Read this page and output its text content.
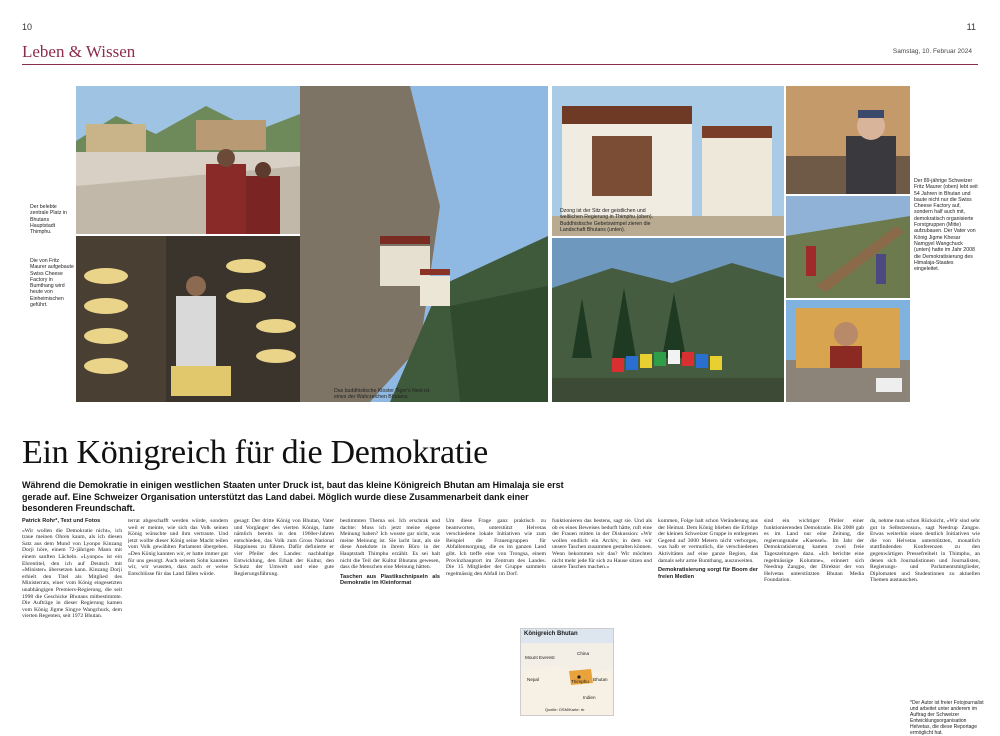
10	11
Leben & Wissen	Samstag, 10. Februar 2024
Der belebte zentrale Platz in Bhutans Hauptstadt Thimphu.
Die von Fritz Maurer aufgebaute Swiss Cheese Factory in Bumthang wird heute von Einheimischen geführt.
Das buddhistische Kloster Tiger's Nest ist eines der Wahrzeichen Bhutans.
Dzong ist der Sitz der geistlichen und weltlichen Regierung in Thimphu (oben). Buddhistische Gebetswimpel zieren die Landschaft Bhutans (unten).
Der 89-jährige Schweizer Fritz Maurer (oben) lebt seit 54 Jahren in Bhutan und baute nicht nur die Swiss Cheese Factory auf, sondern half auch mit, demokratisch organisierte Forstgruppen (Mitte) aufzubauen. Der Vater von König Jigme Khesar Namgyel Wangchuck (unten) hatte im Jahr 2008 die Demokratisierung des Himalaja-Staates eingeleitet.
Ein Königreich für die Demokratie
Während die Demokratie in einigen westlichen Staaten unter Druck ist, baut das kleine Königreich Bhutan am Himalaja sie erst gerade auf. Eine Schweizer Organisation unterstützt das Land dabei. Möglich wurde diese Zusammenarbeit dank einer besonderen Freundschaft.
Patrick Rohr*, Text und Fotos
«Wir wollen die Demokratie nicht», ich traue meinen Ohren kaum, als ich diesen Satz aus dem Mund von Lyonpo Kinzang Dorji höre, einem 72-jährigen Mann mit einem sanften Lächeln. «Lyonpo» ist ein Ehrentitel, den ich auf Deutsch mit «Minister» übersetzen kann. Kinzang Dorji erhielt den Titel als Mitglied des Ministerrats, einer vom König eingesetzten unabhängigen Premiers-Regierung, die seit 1998 die Geschicke Bhutans mitbestimmte. Die Aufträge in dieser Regierung kamen vom König Jigme Singye Wangchuck, dem vierten Regenten, seit 1972 Bhutan.
terrat abgeschafft werden würde, sondern weil er meinte, wie sich das Volk seinen König wünschte und ihm vertraute. Und jetzt wollte dieser König seine Macht teilen vom Volk gewählten Parlament übergeben. «Den König kannten wir, er hatte immer gut für uns gesorgt. Auch seinem Sohn kannten wir, wir wussten, dass auch er weise Entschlüsse für das Land fällen würde.
gesagt: Der dritte König von Bhutan, Vater und Vorgänger des vierten Königs, hatte nämlich bereits in den 1960er-Jahren entschieden, das Volk zum Gross National Happiness zu führen. Dafür definierte er vier Pfeiler des Landes: nachhaltige Entwicklung, den Erhalt der Kultur, den Schutz der Umwelt und eine gute Regierungsführung.
bestimmten Thema sei. Ich erschrak und dachte: Muss ich jetzt meine eigene Meinung haben? Ich wusste gar nicht, was meine Meinung ist. Sie lacht laut, als sie diese Anekdote in ihrem Büro in der Hauptstadt Thimphu erzählt. Es sei halt nicht die Teil der Kultur Bhutans gewesen, dass die Menschen eine Meinung hätten.
Taschen aus Plastikschnipseln als Demokratie im Kleinformat
Um diese Frage ganz praktisch zu beantworten, unterstützt Helvetas verschiedene lokale Initiativen wie zum Beispiel die Frauengruppen für Abfallentsorgung, die es im ganzen Land gibt. Ich treffe eine von Trongsa, einem Provinzhauptort im Zentrum des Landes. Die 15 Mitglieder der Gruppe sammeln regelmässig den Abfall im Dorf.
funktionieren das bestens, sagt sie. Und als ob es eines Beweises bedurft hätte, ruft eine der Frauen mitten in der Diskussion: «Wir wollen endlich ein Archiv, in dem wir unsere Taschen zusammen gestalten können. Wenn bekommen wir das? Wir möchten nicht mehr jede für sich zu Hause sitzen und unsere Taschen machen.»
kommen, Folge halt schon Veränderung aus der Heimat. Dem König blieben die Erfolge der kleinen Schweizer Gruppe in entlegenen Gegend auf 3000 Metern nicht verborgen, was halb er vermutlich, die verschiedenen Aktivitäten auf eine ganze Region, das damals sehr arme Bumthang, auszuweiten.
Demokratisierung sorgt für Boom der freien Medien
sind ein wichtiger Pfeiler einer funktionierenden Demokratie. Bis 2008 gab es im Land nur eine Zeitung, die regierungsnahe «Kuensel». Im Jahr der Demokratisierung kamen zwei freie Tageszeitungen dazu. «Ich berichte eine regelmässige Kolumne», erinnert sich Needrup Zangpo, der Direktor der von Helvetas unterstützten Bhutan Media Foundation.
da, nehme man schon Rücksicht, «Wir sind sehr gut in Selbstzensur», sagt Needrup Zangpo. Etwas weiterhin einen deutlich Initiativen wie die von Helvetas unterstützten, monatlich stattfindenden Konferenzen zu den gegenwärtigen Pressefreiheit in Thimphu, an denen sich Journalistinnen und Journalisten, Regierungs- und Parlamentsmitglieder, Diplomaten und Studentinnen zu aktuellen Themen austauschen.
Königreich Bhutan
Mount Everest
China
Thimphu Bhutan
Indien
Nepal
Quelle: OSM/Karte: rb
*Der Autor ist freier Fotojournalist und arbeitet unter anderem im Auftrag der Schweizer Entwicklungsorganisation Helvetas, die diese Reportage ermöglicht hat.
